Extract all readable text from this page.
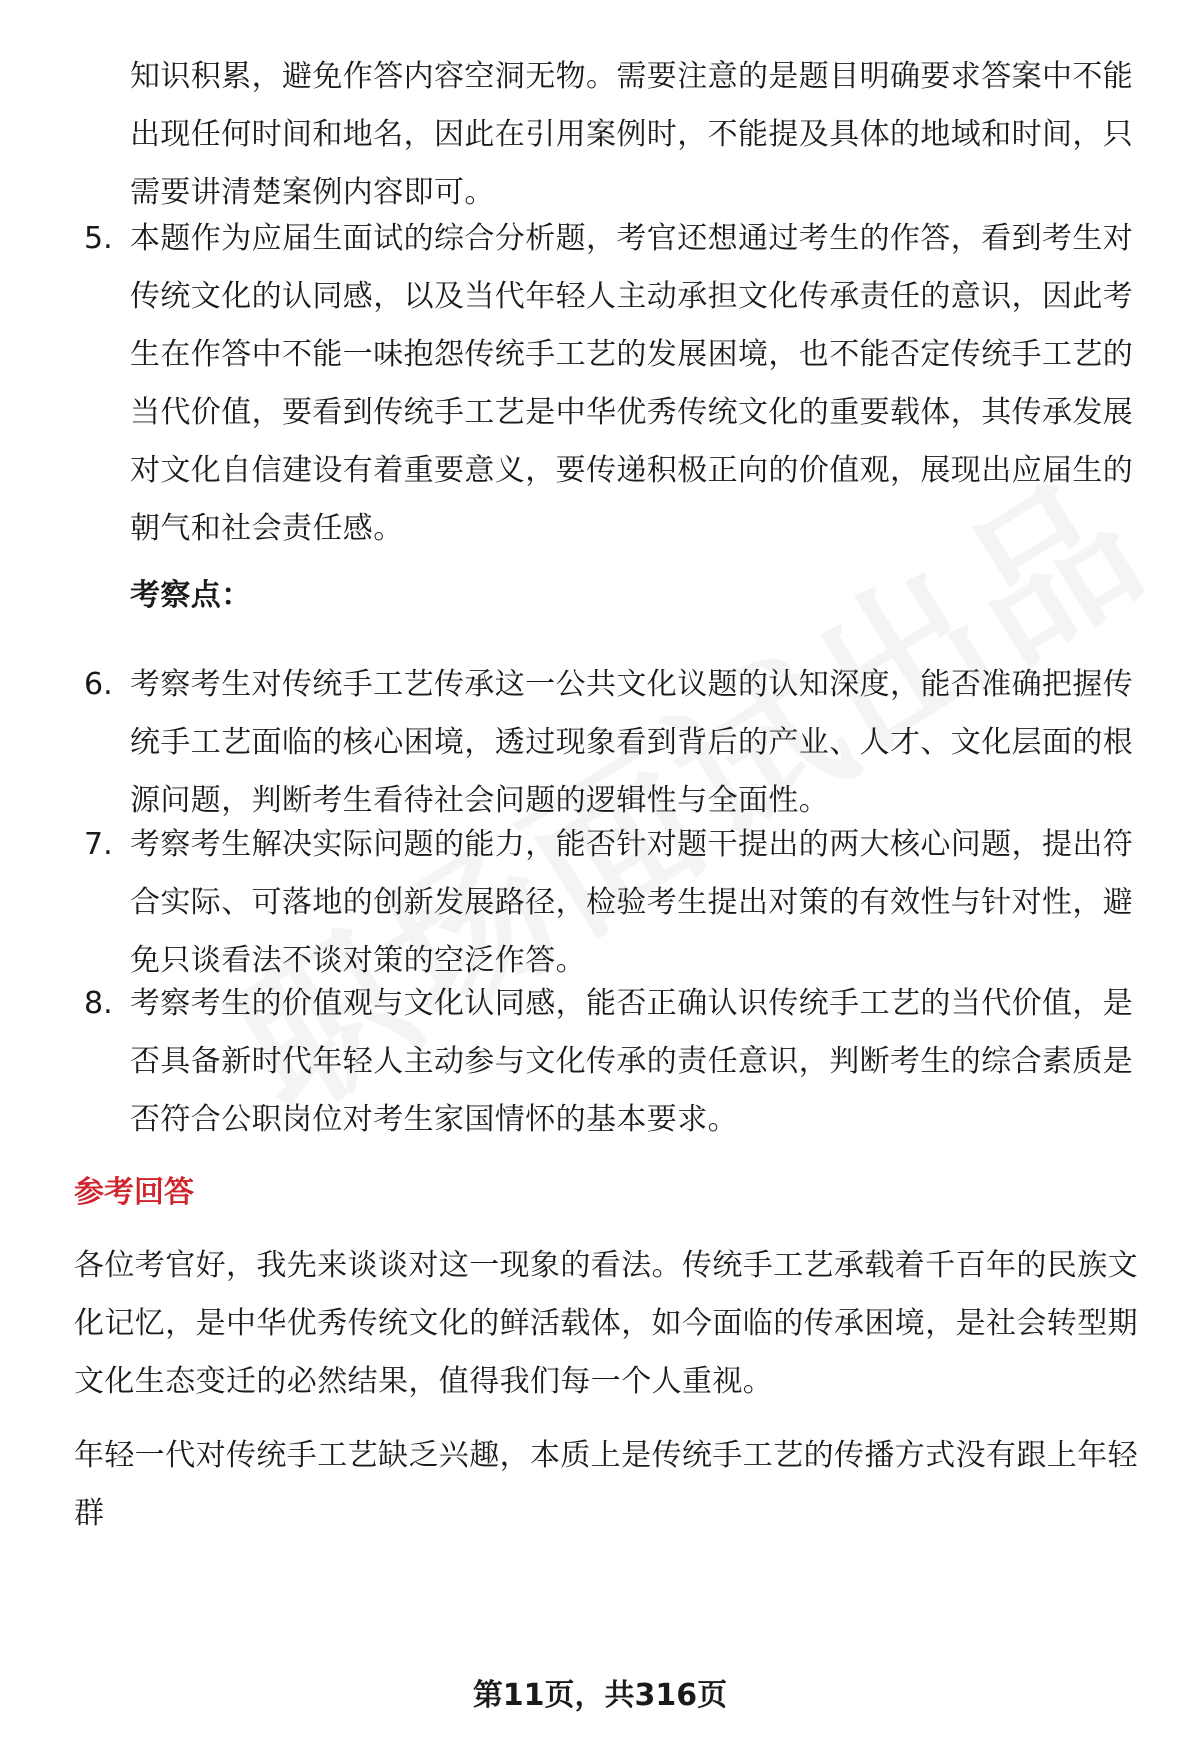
知识积累，避免作答内容空洞无物。需要注意的是题目明确要求答案中不能出现任何时间和地名，因此在引用案例时，不能提及具体的地域和时间，只需要讲清楚案例内容即可。
5. 本题作为应届生面试的综合分析题，考官还想通过考生的作答，看到考生对传统文化的认同感，以及当代年轻人主动承担文化传承责任的意识，因此考生在作答中不能一味抱怨传统手工艺的发展困境，也不能否定传统手工艺的当代价值，要看到传统手工艺是中华优秀传统文化的重要载体，其传承发展对文化自信建设有着重要意义，要传递积极正向的价值观，展现出应届生的朝气和社会责任感。
考察点：
6. 考察考生对传统手工艺传承这一公共文化议题的认知深度，能否准确把握传统手工艺面临的核心困境，透过现象看到背后的产业、人才、文化层面的根源问题，判断考生看待社会问题的逻辑性与全面性。
7. 考察考生解决实际问题的能力，能否针对题干提出的两大核心问题，提出符合实际、可落地的创新发展路径，检验考生提出对策的有效性与针对性，避免只谈看法不谈对策的空泛作答。
8. 考察考生的价值观与文化认同感，能否正确认识传统手工艺的当代价值，是否具备新时代年轻人主动参与文化传承的责任意识，判断考生的综合素质是否符合公职岗位对考生家国情怀的基本要求。
参考回答
各位考官好，我先来谈谈对这一现象的看法。传统手工艺承载着千百年的民族文化记忆，是中华优秀传统文化的鲜活载体，如今面临的传承困境，是社会转型期文化生态变迁的必然结果，值得我们每一个人重视。
年轻一代对传统手工艺缺乏兴趣，本质上是传统手工艺的传播方式没有跟上年轻群
第11页，共316页
